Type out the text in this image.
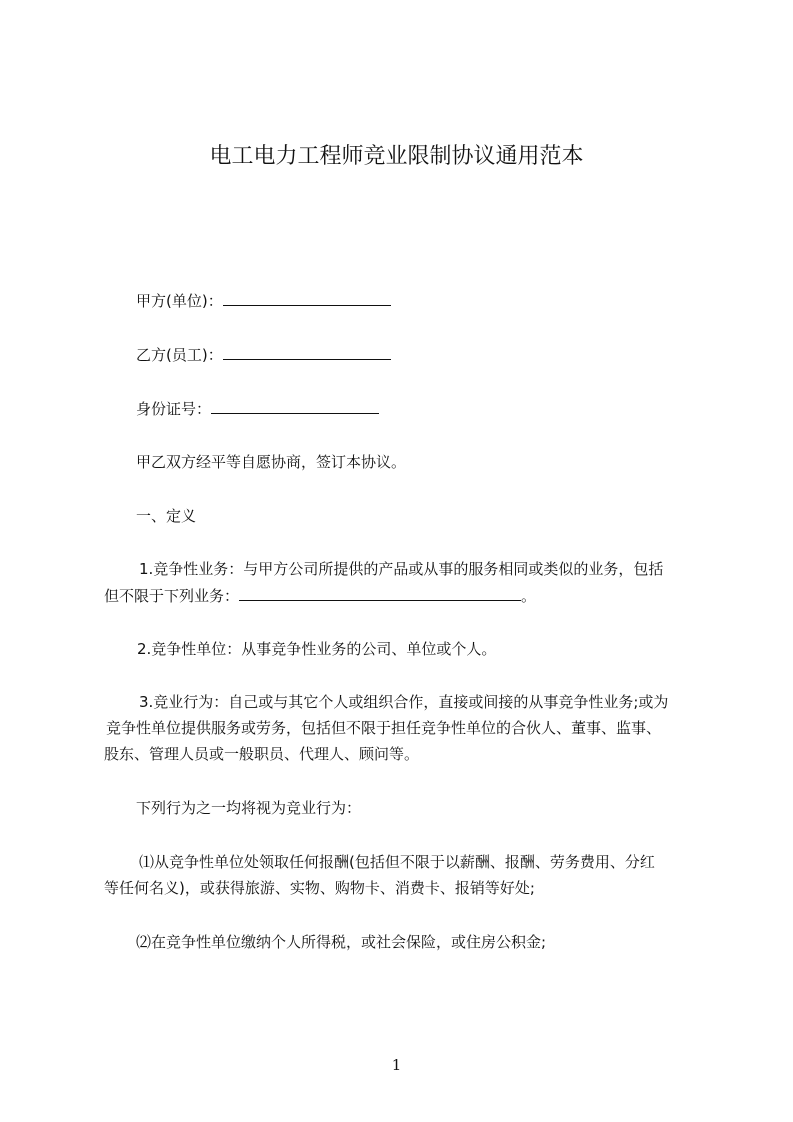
电工电力工程师竞业限制协议通用范本
甲方(单位)：
乙方(员工)：
身份证号：
甲乙双方经平等自愿协商，签订本协议。
一、定义
1.竞争性业务：与甲方公司所提供的产品或从事的服务相同或类似的业务，包括
但不限于下列业务：	。
2.竞争性单位：从事竞争性业务的公司、单位或个人。
3.竞业行为：自己或与其它个人或组织合作，直接或间接的从事竞争性业务;或为
竞争性单位提供服务或劳务，包括但不限于担任竞争性单位的合伙人、董事、监事、
股东、管理人员或一般职员、代理人、顾问等。
下列行为之一均将视为竞业行为：
⑴从竞争性单位处领取任何报酬(包括但不限于以薪酬、报酬、劳务费用、分红
等任何名义)，或获得旅游、实物、购物卡、消费卡、报销等好处;
⑵在竞争性单位缴纳个人所得税，或社会保险，或住房公积金;
1
